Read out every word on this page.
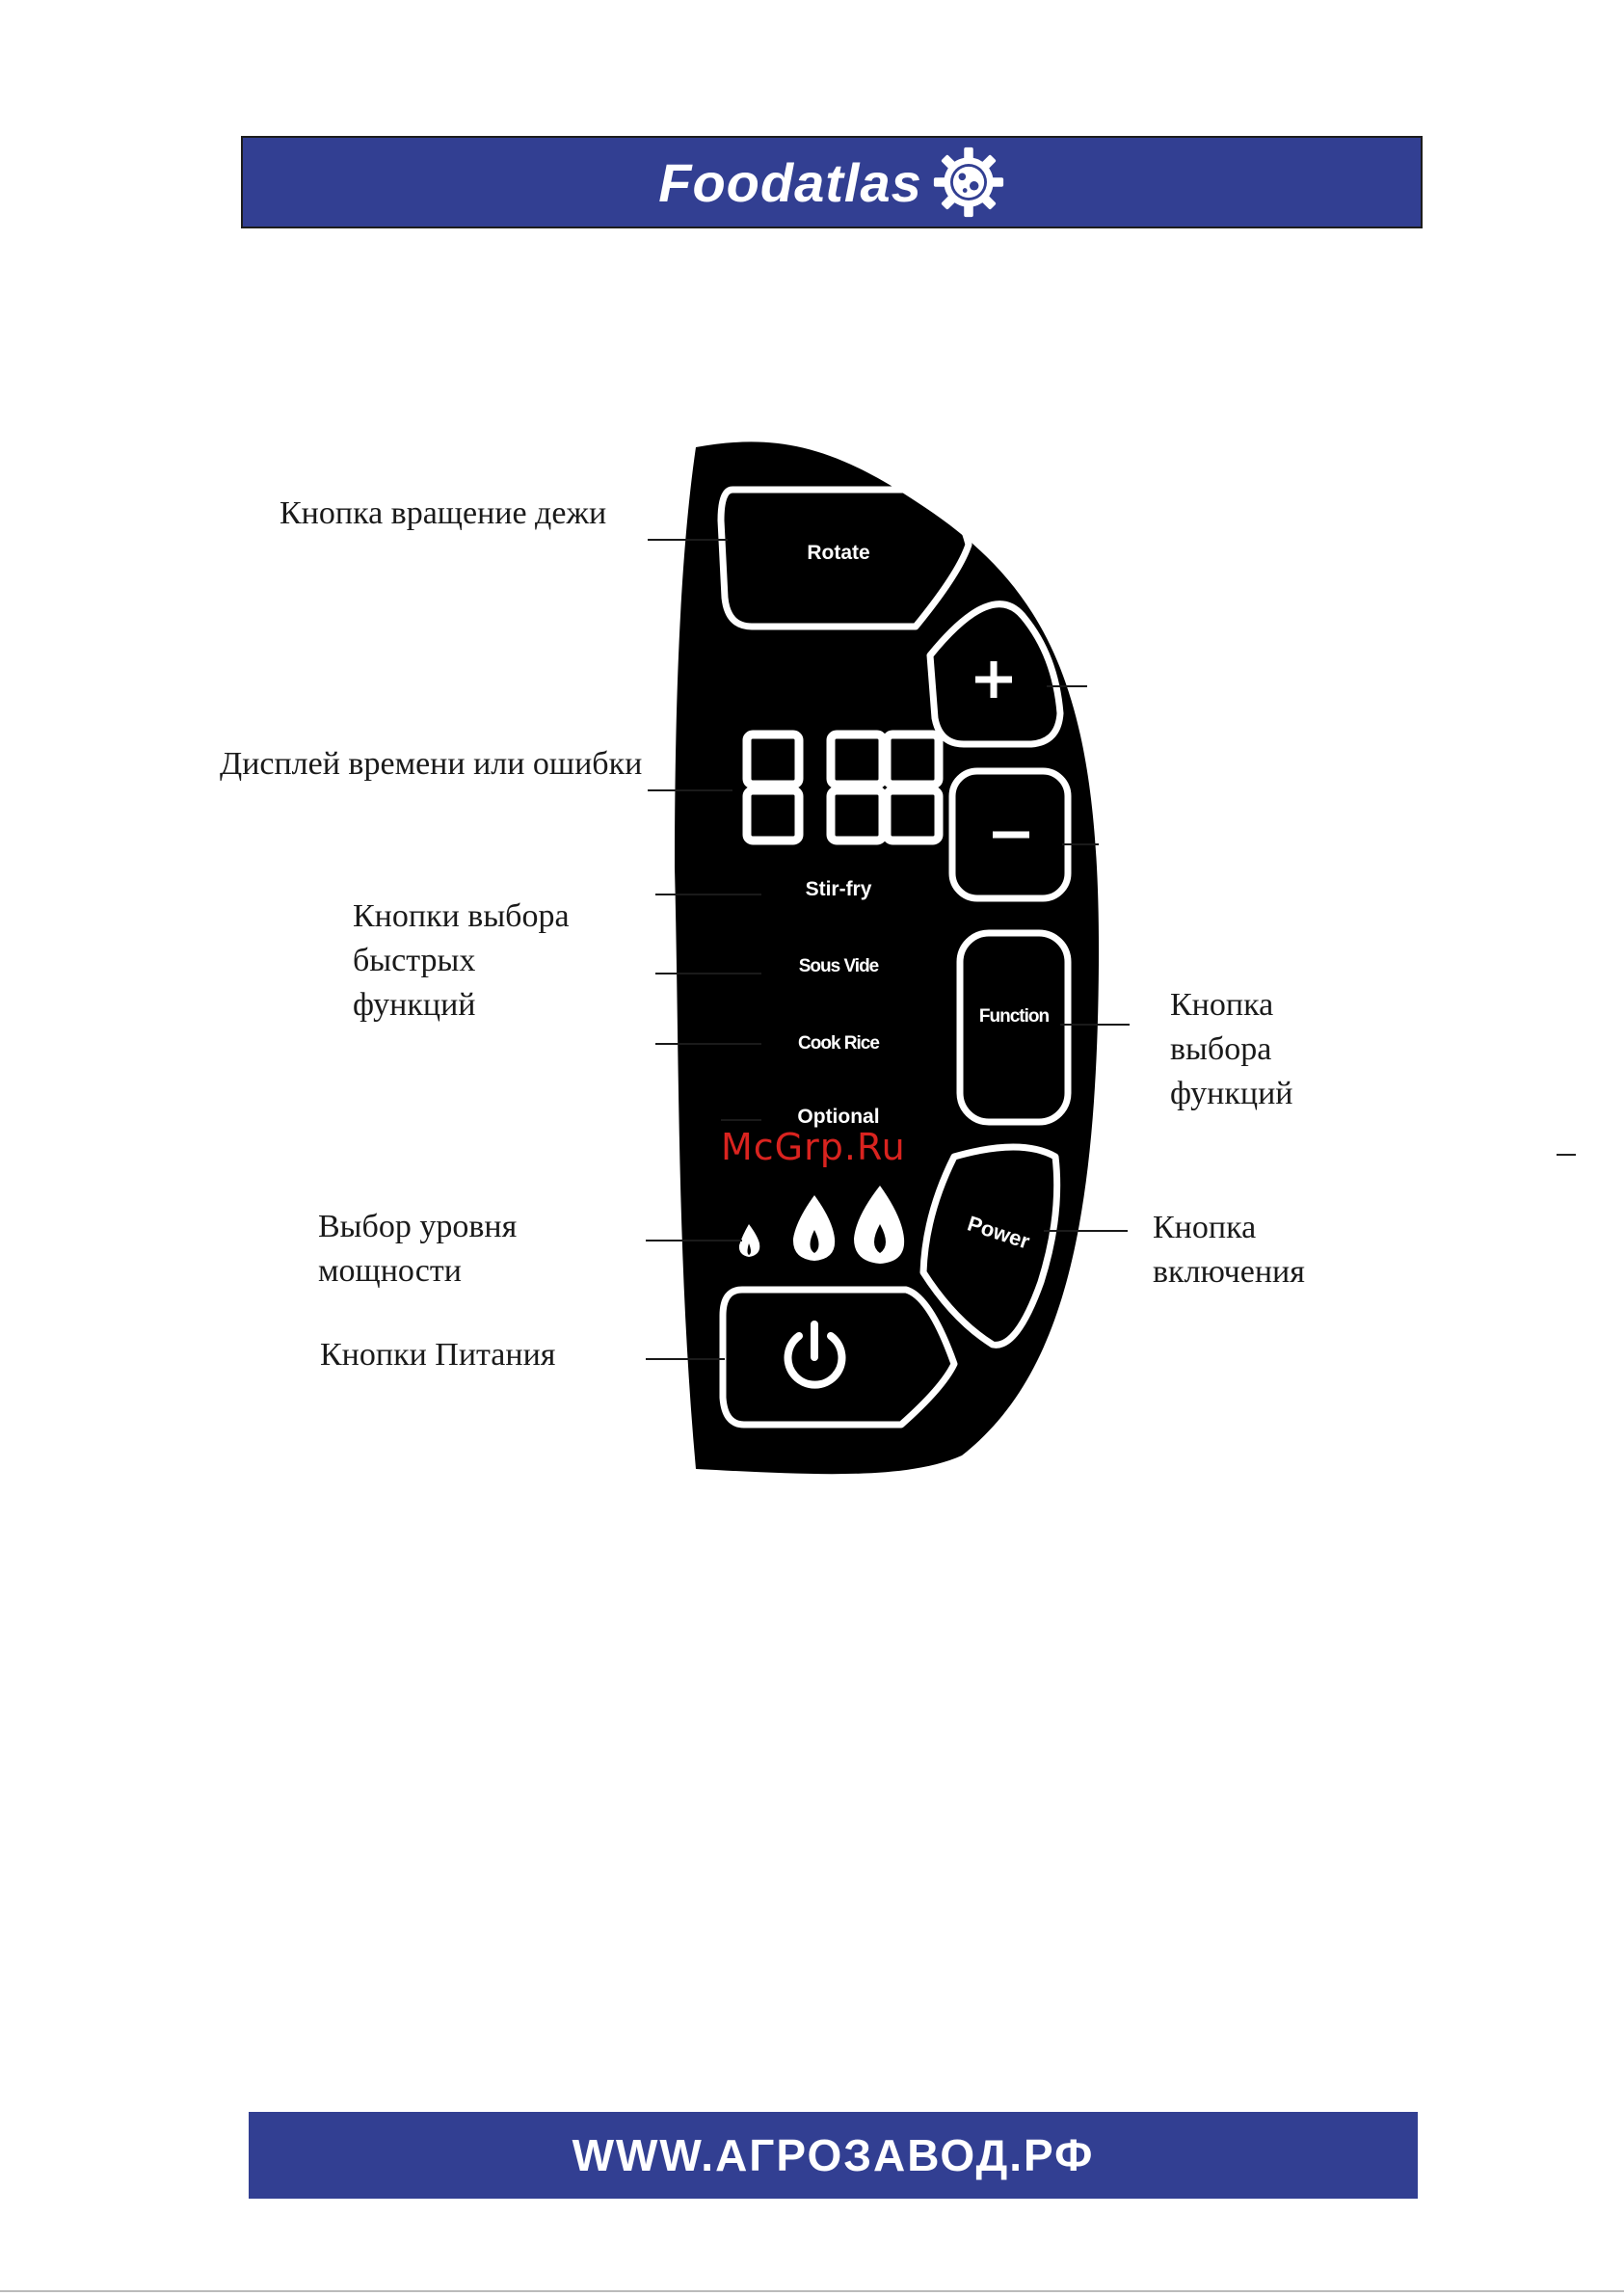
Foodatlas
Rotate
Stir-fry
Sous Vide
Cook Rice
Optional
Function
Power
Кнопка вращение дежи
Дисплей времени или ошибки
Кнопки выбора
быстрых
функций
Выбор уровня
мощности
Кнопки Питания
Кнопка
выбора
функций
Кнопка
включения
McGrp.Ru
WWW.АГРОЗАВОД.РФ
